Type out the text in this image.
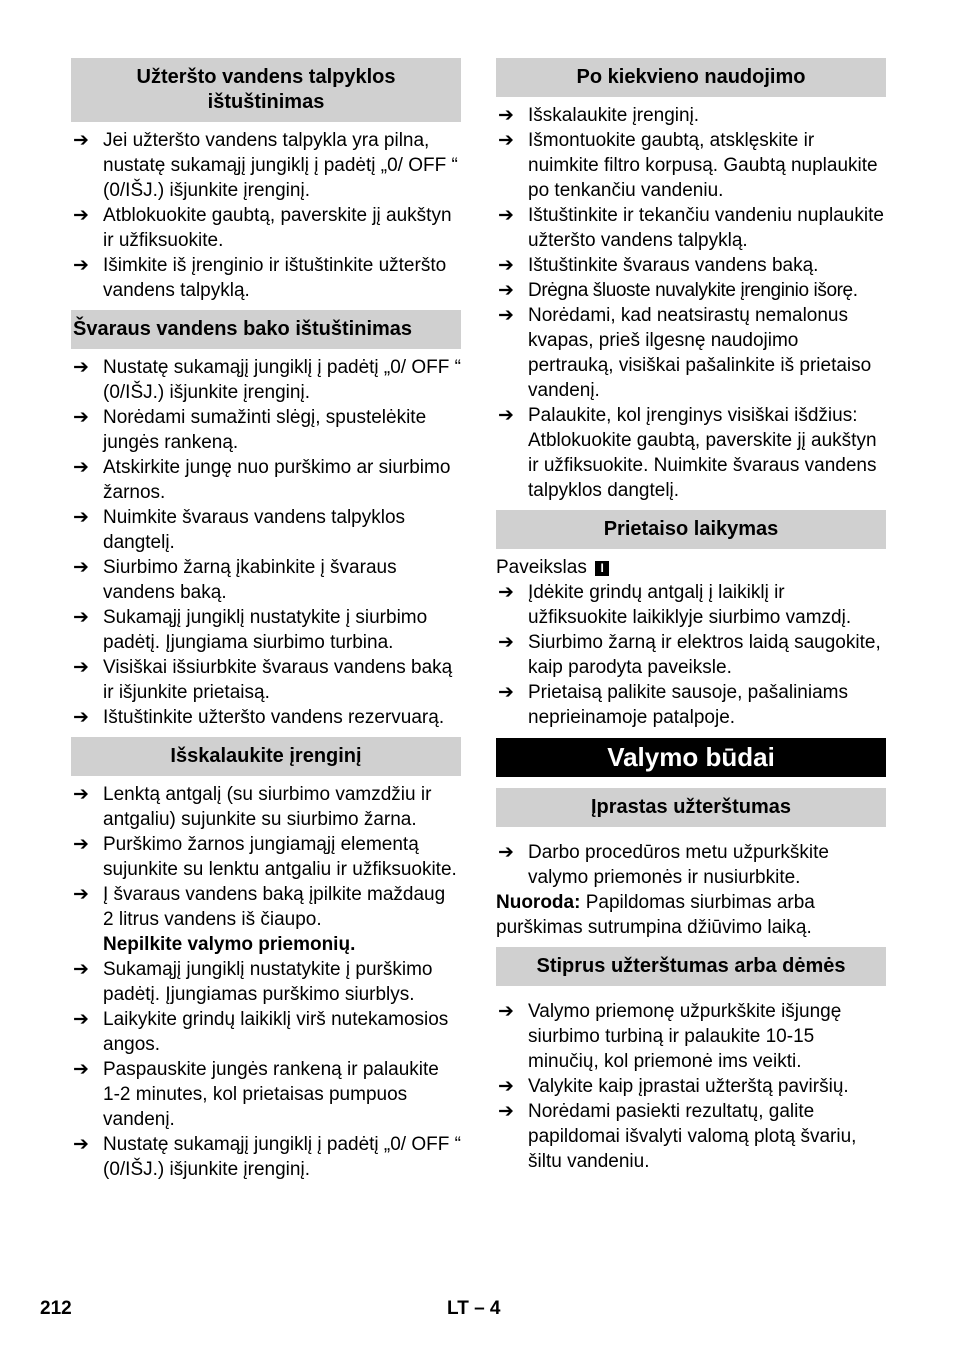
Užteršto vandens talpyklos ištuštinimas
➔ Jei užteršto vandens talpykla yra pilna, nustatę sukamąjį jungiklį į padėtį „0/ OFF “ (0/IŠJ.) išjunkite įrenginį.
➔ Atblokuokite gaubtą, paverskite jį aukštyn ir užfiksuokite.
➔ Išimkite iš įrenginio ir ištuštinkite užteršto vandens talpyklą.
Švaraus vandens bako ištuštinimas
➔ Nustatę sukamąjį jungiklį į padėtį „0/ OFF “ (0/IŠJ.) išjunkite įrenginį.
➔ Norėdami sumažinti slėgį, spustelėkite jungės rankeną.
➔ Atskirkite jungę nuo purškimo ar siurbimo žarnos.
➔ Nuimkite švaraus vandens talpyklos dangtelį.
➔ Siurbimo žarną įkabinkite į švaraus vandens baką.
➔ Sukamąjį jungiklį nustatykite į siurbimo padėtį. Įjungiama siurbimo turbina.
➔ Visiškai išsiurbkite švaraus vandens baką ir išjunkite prietaisą.
➔ Ištuštinkite užteršto vandens rezervuarą.
Išskalaukite įrenginį
➔ Lenktą antgalį (su siurbimo vamzdžiu ir antgaliu) sujunkite su siurbimo žarna.
➔ Purškimo žarnos jungiamąjį elementą sujunkite su lenktu antgaliu ir užfiksuokite.
➔ Į švaraus vandens baką įpilkite maždaug 2 litrus vandens iš čiaupo.
Nepilkite valymo priemonių.
➔ Sukamąjį jungiklį nustatykite į purškimo padėtį. Įjungiamas purškimo siurblys.
➔ Laikykite grindų laikiklį virš nutekamosios angos.
➔ Paspauskite jungės rankeną ir palaukite 1-2 minutes, kol prietaisas pumpuos vandenį.
➔ Nustatę sukamąjį jungiklį į padėtį „0/ OFF “ (0/IŠJ.) išjunkite įrenginį.
Po kiekvieno naudojimo
➔ Išskalaukite įrenginį.
➔ Išmontuokite gaubtą, atsklęskite ir nuimkite filtro korpusą. Gaubtą nuplaukite po tenkančiu vandeniu.
➔ Ištuštinkite ir tekančiu vandeniu nuplaukite užteršto vandens talpyklą.
➔ Ištuštinkite švaraus vandens baką.
➔ Drėgna šluoste nuvalykite įrenginio išorę.
➔ Norėdami, kad neatsirastų nemalonus kvapas, prieš ilgesnę naudojimo pertrauką, visiškai pašalinkite iš prietaiso vandenį.
➔ Palaukite, kol įrenginys visiškai išdžius: Atblokuokite gaubtą, paverskite jį aukštyn ir užfiksuokite. Nuimkite švaraus vandens talpyklos dangtelį.
Prietaiso laikymas
Paveikslas I
➔ Įdėkite grindų antgalį į laikiklį ir užfiksuokite laikiklyje siurbimo vamzdį.
➔ Siurbimo žarną ir elektros laidą saugokite, kaip parodyta paveiksle.
➔ Prietaisą palikite sausoje, pašaliniams neprieinamoje patalpoje.
Valymo būdai
Įprastas užterštumas
➔ Darbo procedūros metu užpurkškite valymo priemonės ir nusiurbkite.
Nuoroda: Papildomas siurbimas arba purškimas sutrumpina džiūvimo laiką.
Stiprus užterštumas arba dėmės
➔ Valymo priemonę užpurkškite išjungę siurbimo turbiną ir palaukite 10-15 minučių, kol priemonė ims veikti.
➔ Valykite kaip įprastai užterštą paviršių.
➔ Norėdami pasiekti rezultatų, galite papildomai išvalyti valomą plotą švariu, šiltu vandeniu.
212	LT – 4
